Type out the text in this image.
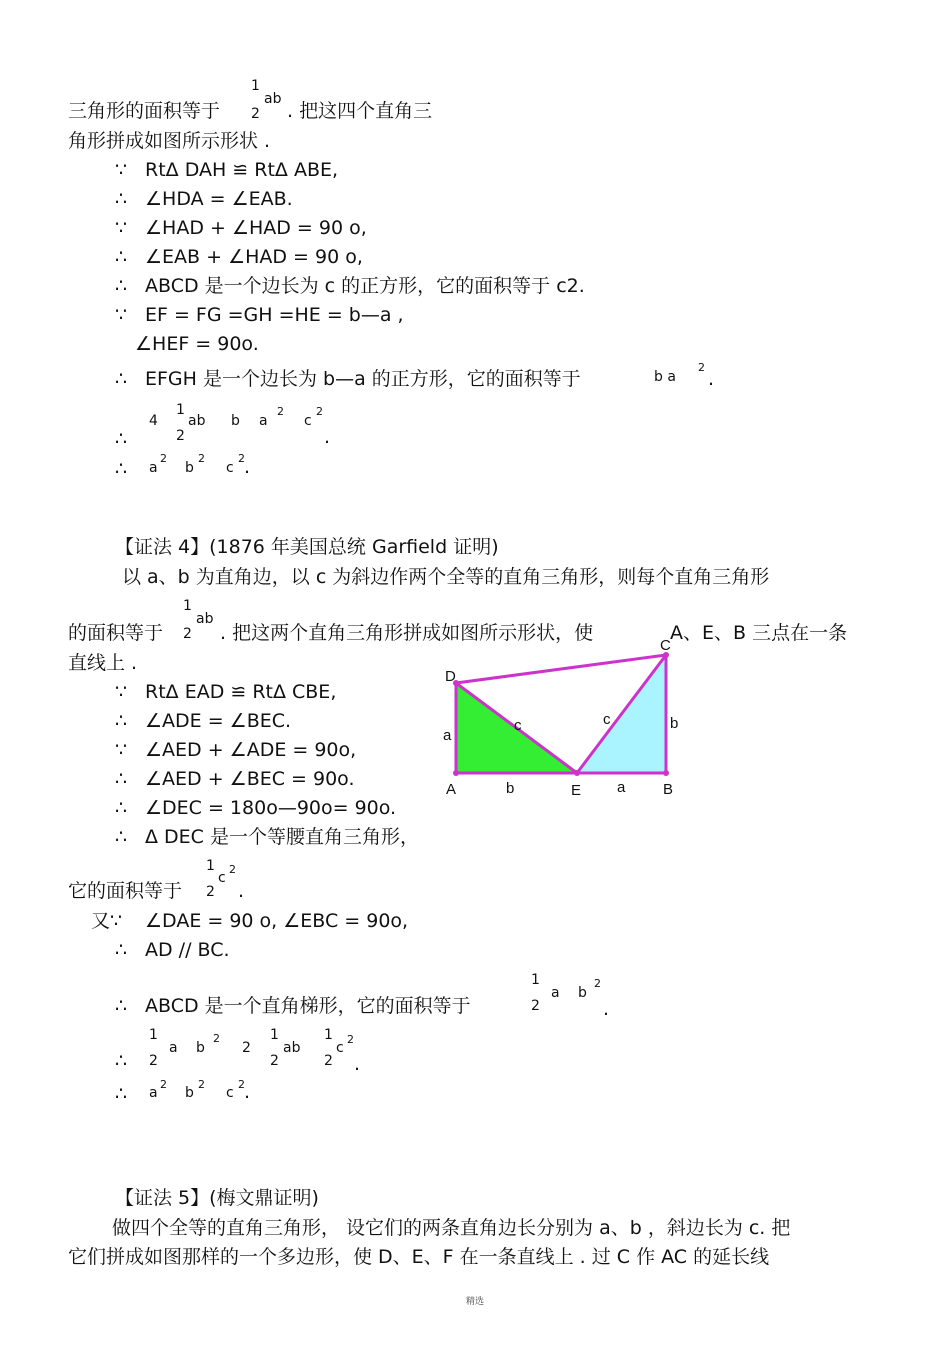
三角形的面积等于
1
2
ab
. 把这四个直角三
角形拼成如图所示形状 .
∵ RtΔ DAH ≌ RtΔ ABE,
∴ ∠HDA = ∠EAB.
∵ ∠HAD + ∠HAD = 90 o,
∴ ∠EAB + ∠HAD = 90 o,
∴ ABCD 是一个边长为 c 的正方形，它的面积等于 c2.
∵ EF = FG =GH =HE = b—a ,
∠HEF = 90o.
∴ EFGH 是一个边长为 b—a 的正方形，它的面积等于	b a
2
.
∴
4
1
2
ab b a
2
c
2
.
∴ a
2
b
2
c
2 .
【证法 4】(1876 年美国总统 Garfield 证明)
以 a、b 为直角边，以 c 为斜边作两个全等的直角三角形，则每个直角三角形
1
2
ab
的面积等于	. 把这两个直角三角形拼成如图所示形状，使	A、E、B 三点在一条
直线上 .
∵ RtΔ EAD ≌ RtΔ CBE,
∴ ∠ADE = ∠BEC.
∵ ∠AED + ∠ADE = 90o,
∴ ∠AED + ∠BEC = 90o.
∴ ∠DEC = 180o—90o= 90o.
∴ Δ DEC 是一个等腰直角三角形，
它的面积等于
1
2
c
2
.
又∵ ∠DAE = 90 o, ∠EBC = 90o,
∴ AD // BC.
∴ ABCD 是一个直角梯形，它的面积等于
1
2
a b
2
.
∴
1
2
a b
2
2
1
2
ab
1
2
c
2
.
∴ a
2
b
2
c
2 .
D
C
A	E	B
a
b
c	c	b
a
【证法 5】(梅文鼎证明)
做四个全等的直角三角形， 设它们的两条直角边长分别为 a、b ，斜边长为 c. 把
它们拼成如图那样的一个多边形，使 D、E、F 在一条直线上 . 过 C 作 AC 的延长线
精选
